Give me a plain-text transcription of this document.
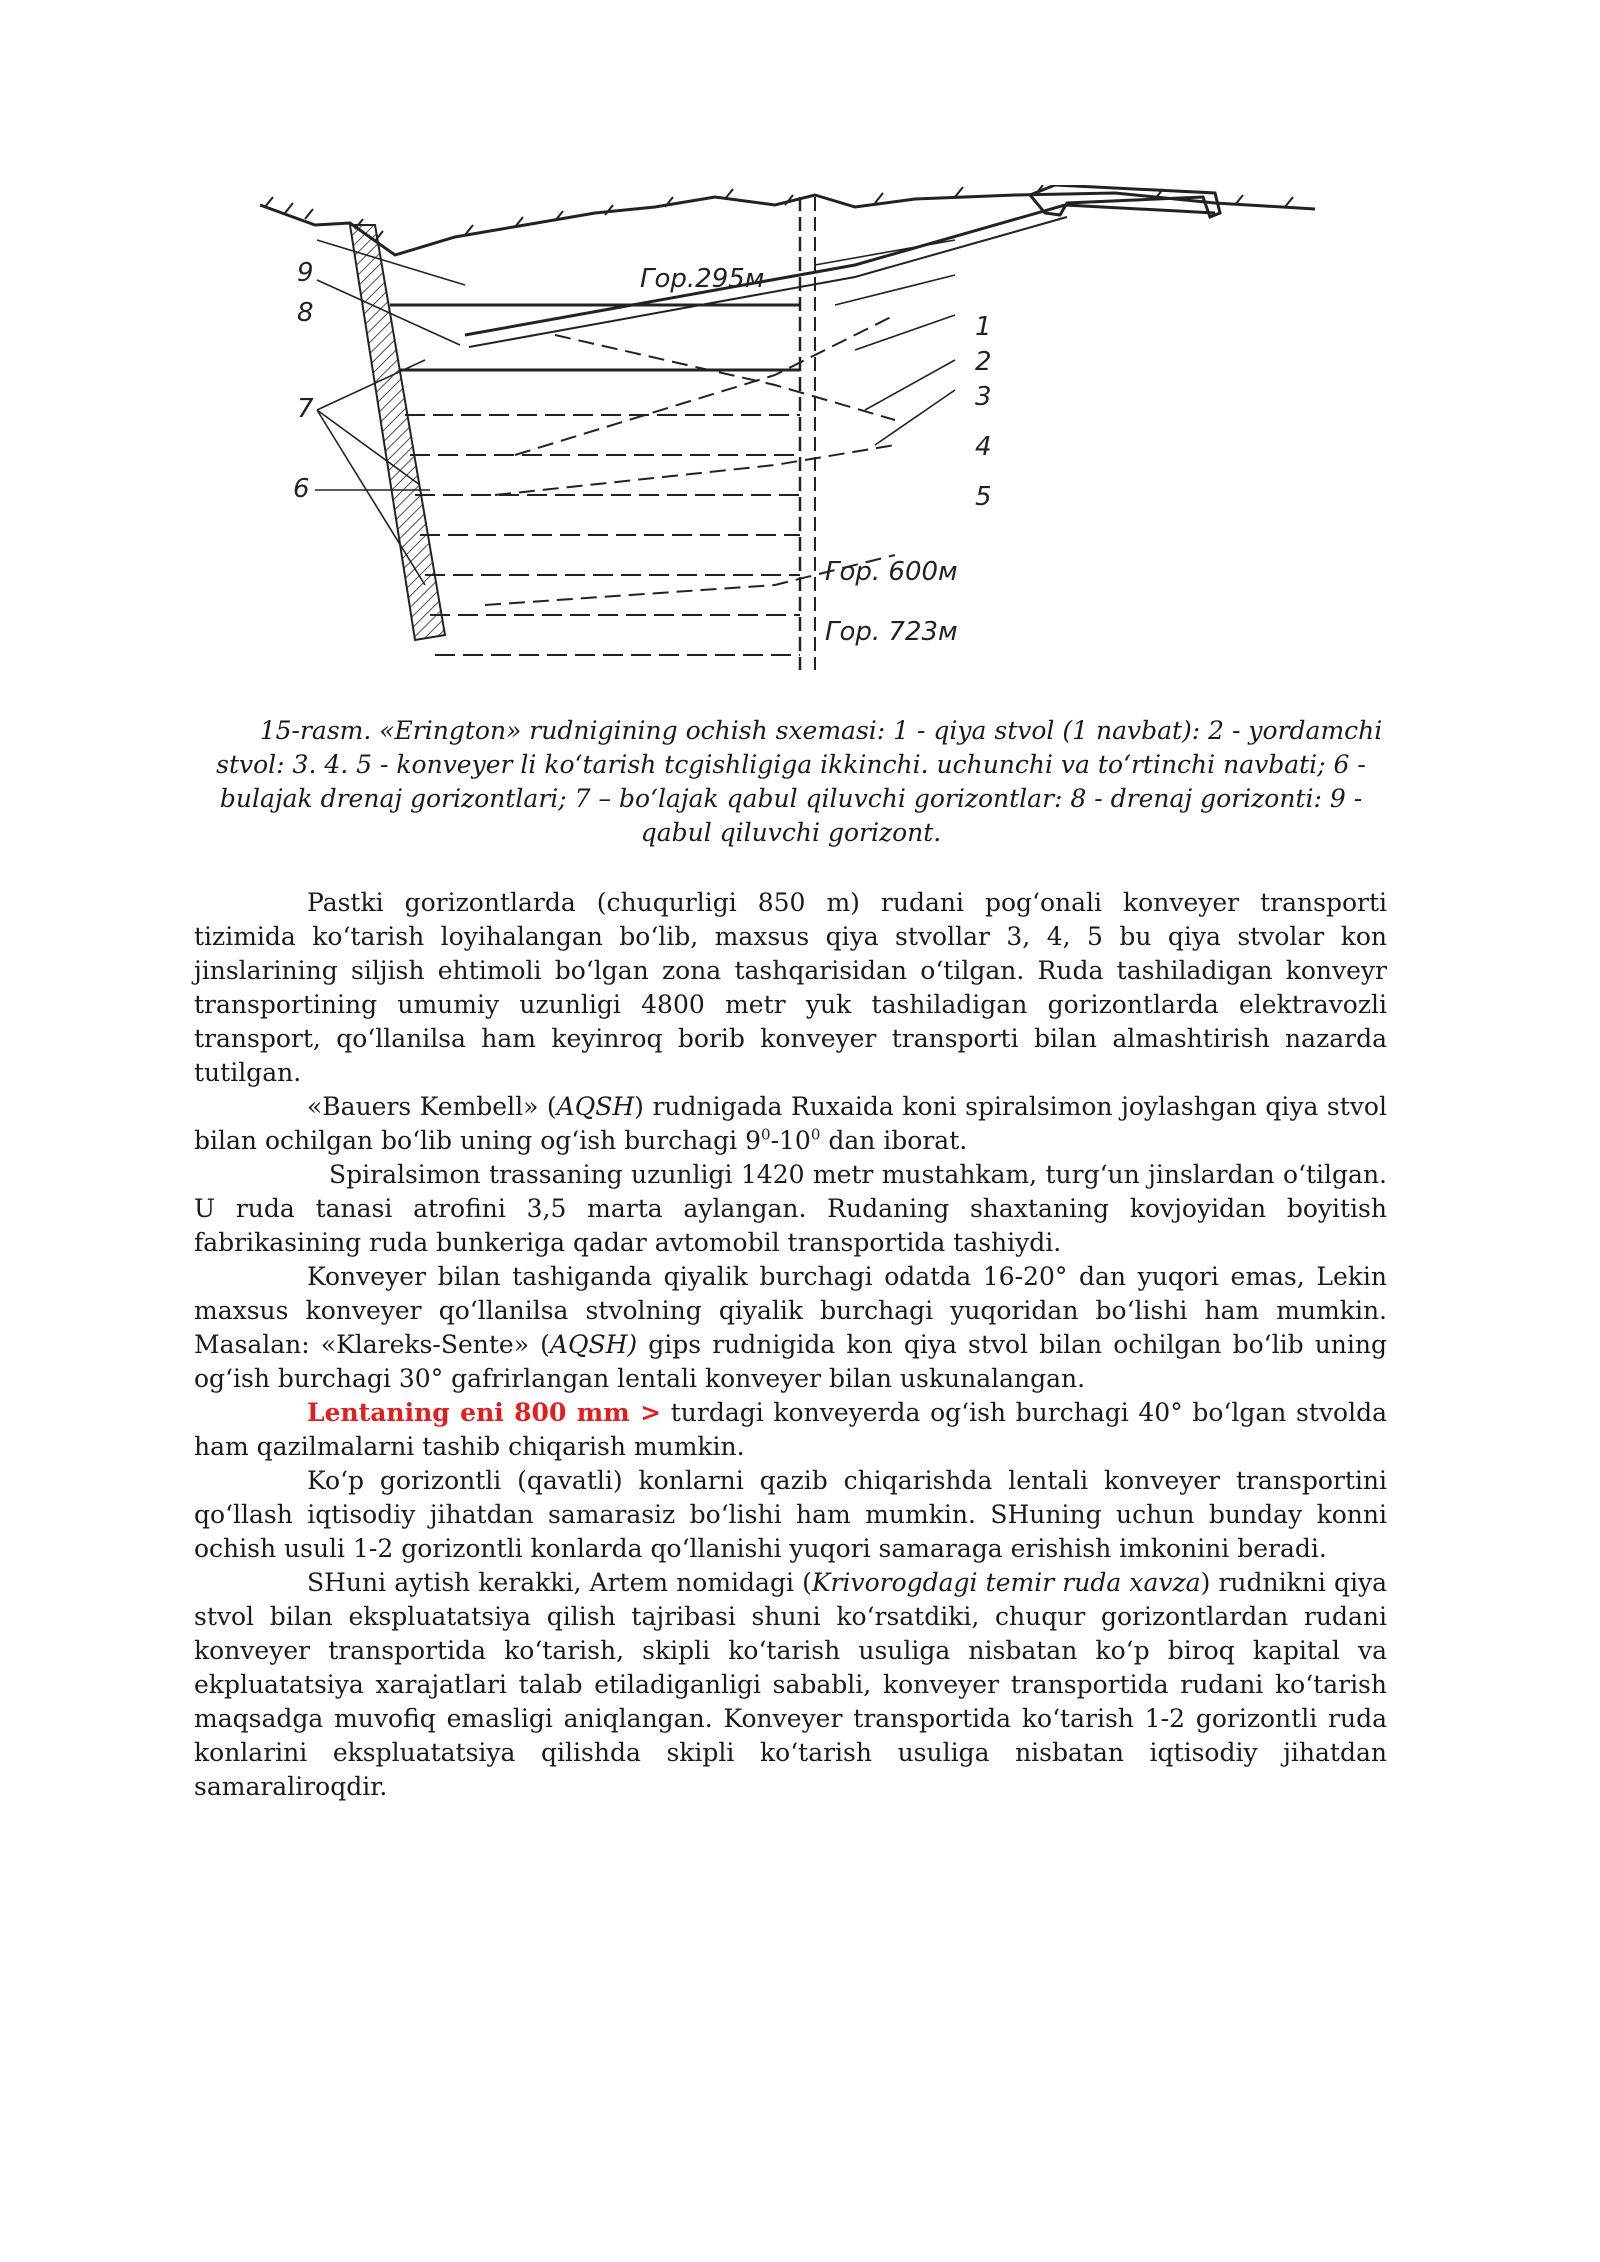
9
8
7
6
1
2
3
4
5
Гор.295м
Гор. 600м
Гор. 723м
15-rasm. «Erington» rudnigining ochish sxemasi: 1 - qiya stvol (1 navbat): 2 - yordamchi
stvol: 3. 4. 5 - konveyer li ko‘tarish tcgishligiga ikkinchi. uchunchi va to‘rtinchi navbati; 6 - bulajak drenaj gorizontlari; 7 – bo‘lajak qabul qiluvchi gorizontlar: 8 - drenaj gorizonti: 9 - qabul qiluvchi gorizont.

Pastki gorizontlarda (chuqurligi 850 m) rudani pog‘onali konveyer transporti tizimida ko‘tarish loyihalangan bo‘lib, maxsus qiya stvollar 3, 4, 5 bu qiya stvolar kon jinslarining siljish ehtimoli bo‘lgan zona tashqarisidan o‘tilgan. Ruda tashiladigan konveyr transportining umumiy uzunligi 4800 metr yuk tashiladigan gorizontlarda elektravozli transport, qo‘llanilsa ham keyinroq borib konveyer transporti bilan almashtirish nazarda tutilgan.

«Bauers Kembell» (AQSH) rudnigada Ruxaida koni spiralsimon joylashgan qiya stvol bilan ochilgan bo‘lib uning og‘ish burchagi $9^0-10^0$ dan iborat.

Spiralsimon trassaning uzunligi 1420 metr mustahkam, turg‘un jinslardan o‘tilgan. U ruda tanasi atrofini 3,5 marta aylangan. Rudaning shaxtaning kovjoyidan boyitish fabrikasining ruda bunkeriga qadar avtomobil transportida tashiydi.

Konveyer bilan tashiganda qiyalik burchagi odatda 16-20° dan yuqori emas, Lekin maxsus konveyer qo‘llanilsa stvolning qiyalik burchagi yuqoridan bo‘lishi ham mumkin. Masalan: «Klareks-Sente» (AQSH) gips rudnigida kon qiya stvol bilan ochilgan bo‘lib uning og‘ish burchagi 30° gafrirlangan lentali konveyer bilan uskunalangan.

Lentaning eni 800 mm > turdagi konveyerda og‘ish burchagi 40° bo‘lgan stvolda ham qazilmalarni tashib chiqarish mumkin.

Ko‘p gorizontli (qavatli) konlarni qazib chiqarishda lentali konveyer transportini qo‘llash iqtisodiy jihatdan samarasiz bo‘lishi ham mumkin. SHuning uchun bunday konni ochish usuli 1-2 gorizontli konlarda qo‘llanishi yuqori samaraga erishish imkonini beradi.

SHuni aytish kerakki, Artem nomidagi (Krivorogdagi temir ruda xavza) rudnikni qiya stvol bilan ekspluatatsiya qilish tajribasi shuni ko‘rsatdiki, chuqur gorizontlardan rudani konveyer transportida ko‘tarish, skipli ko‘tarish usuliga nisbatan ko‘p biroq kapital va ekpluatatsiya xarajatlari talab etiladiganligi sababli, konveyer transportida rudani ko‘tarish maqsadga muvofiq emasligi aniqlangan. Konveyer transportida ko‘tarish 1-2 gorizontli ruda konlarini ekspluatatsiya qilishda skipli ko‘tarish usuliga nisbatan iqtisodiy jihatdan samaraliroqdir.
